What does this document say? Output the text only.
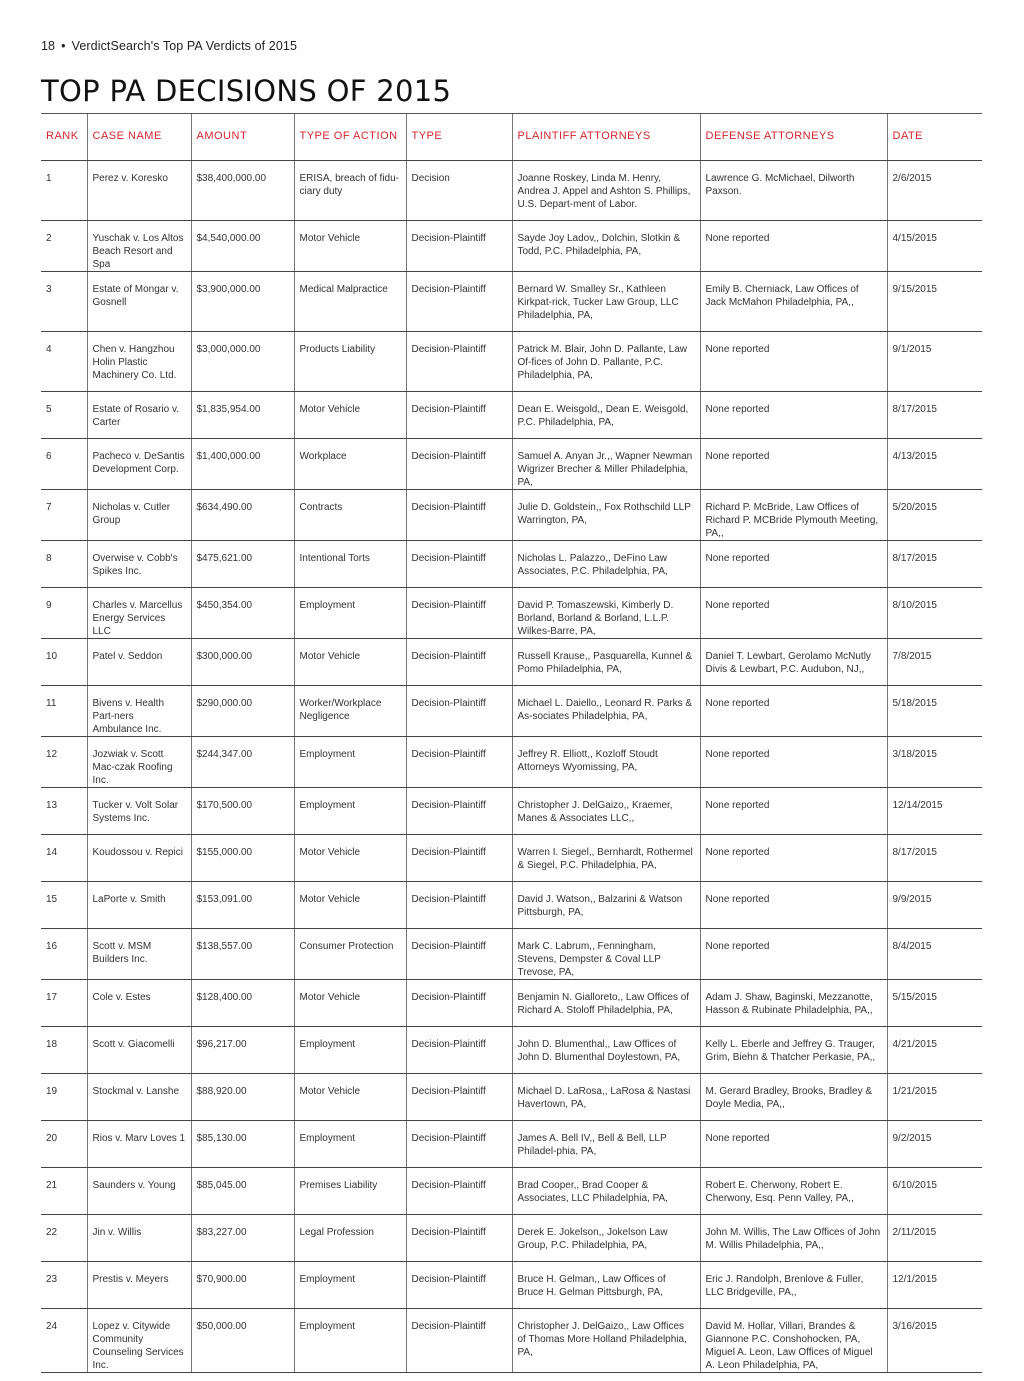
18 • VerdictSearch's Top PA Verdicts of 2015
TOP PA DECISIONS OF 2015
RANK	CASE NAME	AMOUNT	TYPE OF ACTION	TYPE	PLAINTIFF ATTORNEYS	DEFENSE ATTORNEYS	DATE
1	Perez v. Koresko	$38,400,000.00	ERISA, breach of fidu-ciary duty	Decision	Joanne Roskey, Linda M. Henry, Andrea J. Appel and Ashton S. Phillips, U.S. Depart-ment of Labor.	Lawrence G. McMichael, Dilworth Paxson.	2/6/2015
2	Yuschak v. Los Altos Beach Resort and Spa	$4,540,000.00	Motor Vehicle	Decision-Plaintiff	Sayde Joy Ladov,, Dolchin, Slotkin & Todd, P.C. Philadelphia, PA,	None reported	4/15/2015
3	Estate of Mongar v. Gosnell	$3,900,000.00	Medical Malpractice	Decision-Plaintiff	Bernard W. Smalley Sr., Kathleen Kirkpat-rick, Tucker Law Group, LLC Philadelphia, PA,	Emily B. Cherniack, Law Offices of Jack McMahon Philadelphia, PA,,	9/15/2015
4	Chen v. Hangzhou Holin Plastic Machinery Co. Ltd.	$3,000,000.00	Products Liability	Decision-Plaintiff	Patrick M. Blair, John D. Pallante, Law Of-fices of John D. Pallante, P.C. Philadelphia, PA,	None reported	9/1/2015
5	Estate of Rosario v. Carter	$1,835,954.00	Motor Vehicle	Decision-Plaintiff	Dean E. Weisgold,, Dean E. Weisgold, P.C. Philadelphia, PA,	None reported	8/17/2015
6	Pacheco v. DeSantis Development Corp.	$1,400,000.00	Workplace	Decision-Plaintiff	Samuel A. Anyan Jr.,, Wapner Newman Wigrizer Brecher & Miller Philadelphia, PA,	None reported	4/13/2015
7	Nicholas v. Cutler Group	$634,490.00	Contracts	Decision-Plaintiff	Julie D. Goldstein,, Fox Rothschild LLP Warrington, PA,	Richard P. McBride, Law Offices of Richard P. MCBride Plymouth Meeting, PA,,	5/20/2015
8	Overwise v. Cobb's Spikes Inc.	$475,621.00	Intentional Torts	Decision-Plaintiff	Nicholas L. Palazzo,, DeFino Law Associates, P.C. Philadelphia, PA,	None reported	8/17/2015
9	Charles v. Marcellus Energy Services LLC	$450,354.00	Employment	Decision-Plaintiff	David P. Tomaszewski, Kimberly D. Borland, Borland & Borland, L.L.P. Wilkes-Barre, PA,	None reported	8/10/2015
10	Patel v. Seddon	$300,000.00	Motor Vehicle	Decision-Plaintiff	Russell Krause,, Pasquarella, Kunnel & Pomo Philadelphia, PA,	Daniel T. Lewbart, Gerolamo McNutly Divis & Lewbart, P.C. Audubon, NJ,,	7/8/2015
11	Bivens v. Health Part-ners Ambulance Inc.	$290,000.00	Worker/Workplace Negligence	Decision-Plaintiff	Michael L. Daiello,, Leonard R. Parks & As-sociates Philadelphia, PA,	None reported	5/18/2015
12	Jozwiak v. Scott Mac-czak Roofing Inc.	$244,347.00	Employment	Decision-Plaintiff	Jeffrey R. Elliott,, Kozloff Stoudt Attorneys Wyomissing, PA,	None reported	3/18/2015
13	Tucker v. Volt Solar Systems Inc.	$170,500.00	Employment	Decision-Plaintiff	Christopher J. DelGaizo,, Kraemer, Manes & Associates LLC,,	None reported	12/14/2015
14	Koudossou v. Repici	$155,000.00	Motor Vehicle	Decision-Plaintiff	Warren I. Siegel,, Bernhardt, Rothermel & Siegel, P.C. Philadelphia, PA,	None reported	8/17/2015
15	LaPorte v. Smith	$153,091.00	Motor Vehicle	Decision-Plaintiff	David J. Watson,, Balzarini & Watson Pittsburgh, PA,	None reported	9/9/2015
16	Scott v. MSM Builders Inc.	$138,557.00	Consumer Protection	Decision-Plaintiff	Mark C. Labrum,, Fenningham, Stevens, Dempster & Coval LLP Trevose, PA,	None reported	8/4/2015
17	Cole v. Estes	$128,400.00	Motor Vehicle	Decision-Plaintiff	Benjamin N. Gialloreto,, Law Offices of Richard A. Stoloff Philadelphia, PA,	Adam J. Shaw, Baginski, Mezzanotte, Hasson & Rubinate Philadelphia, PA,,	5/15/2015
18	Scott v. Giacomelli	$96,217.00	Employment	Decision-Plaintiff	John D. Blumenthal,, Law Offices of John D. Blumenthal Doylestown, PA,	Kelly L. Eberle and Jeffrey G. Trauger, Grim, Biehn & Thatcher Perkasie, PA,,	4/21/2015
19	Stockmal v. Lanshe	$88,920.00	Motor Vehicle	Decision-Plaintiff	Michael D. LaRosa,, LaRosa & Nastasi Havertown, PA,	M. Gerard Bradley, Brooks, Bradley & Doyle Media, PA,,	1/21/2015
20	Rios v. Marv Loves 1	$85,130.00	Employment	Decision-Plaintiff	James A. Bell IV,, Bell & Bell, LLP Philadel-phia, PA,	None reported	9/2/2015
21	Saunders v. Young	$85,045.00	Premises Liability	Decision-Plaintiff	Brad Cooper,, Brad Cooper & Associates, LLC Philadelphia, PA,	Robert E. Cherwony, Robert E. Cherwony, Esq. Penn Valley, PA,,	6/10/2015
22	Jin v. Willis	$83,227.00	Legal Profession	Decision-Plaintiff	Derek E. Jokelson,, Jokelson Law Group, P.C. Philadelphia, PA,	John M. Willis, The Law Offices of John M. Willis Philadelphia, PA,,	2/11/2015
23	Prestis v. Meyers	$70,900.00	Employment	Decision-Plaintiff	Bruce H. Gelman,, Law Offices of Bruce H. Gelman Pittsburgh, PA,	Eric J. Randolph, Brenlove & Fuller, LLC Bridgeville, PA,,	12/1/2015
24	Lopez v. Citywide Community Counseling Services Inc.	$50,000.00	Employment	Decision-Plaintiff	Christopher J. DelGaizo,, Law Offices of Thomas More Holland Philadelphia, PA,	David M. Hollar, Villari, Brandes & Giannone P.C. Conshohocken, PA, Miguel A. Leon, Law Offices of Miguel A. Leon Philadelphia, PA,	3/16/2015
